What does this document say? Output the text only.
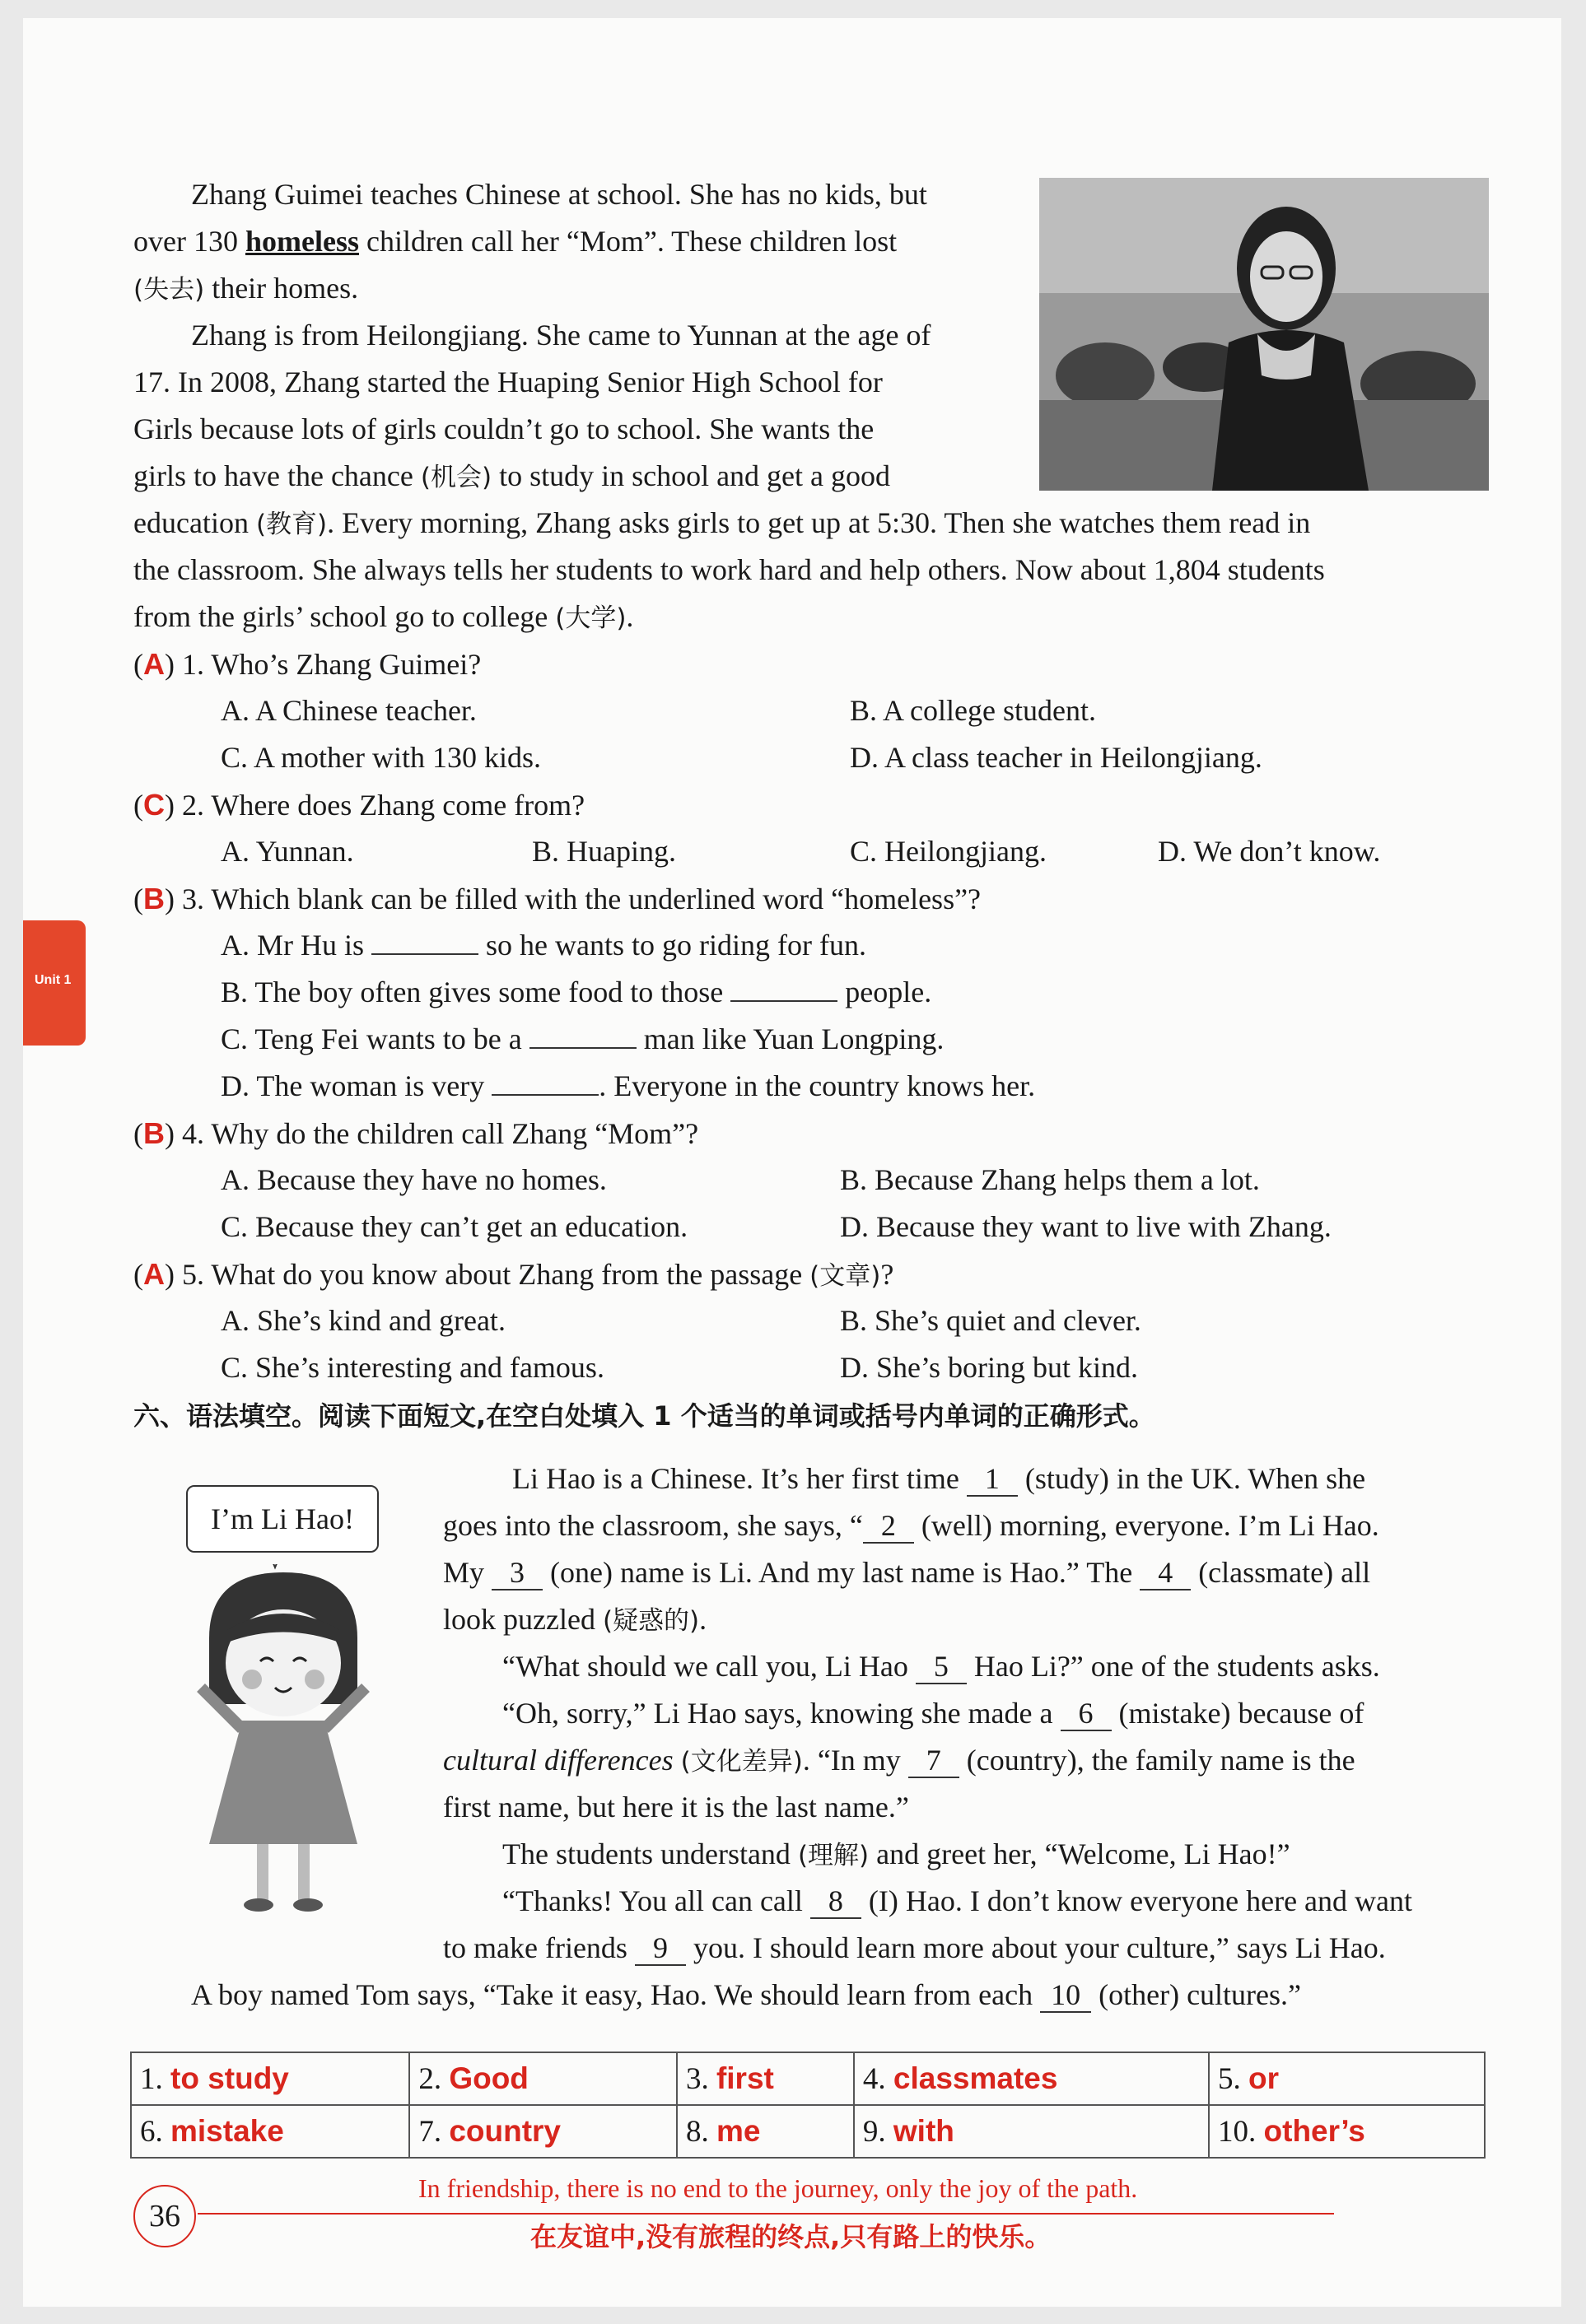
Unit 1
Zhang Guimei teaches Chinese at school. She has no kids, but
over 130 homeless children call her “Mom”. These children lost
(失去) their homes.
Zhang is from Heilongjiang. She came to Yunnan at the age of
17. In 2008, Zhang started the Huaping Senior High School for
Girls because lots of girls couldn’t go to school. She wants the
girls to have the chance (机会) to study in school and get a good
education (教育). Every morning, Zhang asks girls to get up at 5:30. Then she watches them read in
the classroom. She always tells her students to work hard and help others. Now about 1,804 students
from the girls’ school go to college (大学).
(A) 1. Who’s Zhang Guimei?
A. A Chinese teacher.	B. A college student.
C. A mother with 130 kids.	D. A class teacher in Heilongjiang.
(C) 2. Where does Zhang come from?
A. Yunnan.	B. Huaping.	C. Heilongjiang.	D. We don’t know.
(B) 3. Which blank can be filled with the underlined word “homeless”?
A. Mr Hu is	so he wants to go riding for fun.
B. The boy often gives some food to those	people.
C. Teng Fei wants to be a	man like Yuan Longping.
D. The woman is very	. Everyone in the country knows her.
(B) 4. Why do the children call Zhang “Mom”?
A. Because they have no homes.	B. Because Zhang helps them a lot.
C. Because they can’t get an education.	D. Because they want to live with Zhang.
(A) 5. What do you know about Zhang from the passage (文章)?
A. She’s kind and great.	B. She’s quiet and clever.
C. She’s interesting and famous.	D. She’s boring but kind.
六、语法填空。阅读下面短文,在空白处填入 1 个适当的单词或括号内单词的正确形式。
I’m Li Hao!
Li Hao is a Chinese. It’s her first time 1 (study) in the UK. When she
goes into the classroom, she says, “ 2 (well) morning, everyone. I’m Li Hao.
My 3 (one) name is Li. And my last name is Hao.” The 4 (classmate) all
look puzzled (疑惑的).
“What should we call you, Li Hao 5 Hao Li?” one of the students asks.
“Oh, sorry,” Li Hao says, knowing she made a 6 (mistake) because of
cultural differences (文化差异). “In my 7 (country), the family name is the
first name, but here it is the last name.”
The students understand (理解) and greet her, “Welcome, Li Hao!”
“Thanks! You all can call 8 (I) Hao. I don’t know everyone here and want
to make friends 9 you. I should learn more about your culture,” says Li Hao.
A boy named Tom says, “Take it easy, Hao. We should learn from each 10 (other) cultures.”
1. to study	2. Good	3. first	4. classmates	5. or
6. mistake	7. country	8. me	9. with	10. other’s
36
In friendship, there is no end to the journey, only the joy of the path.
在友谊中,没有旅程的终点,只有路上的快乐。
